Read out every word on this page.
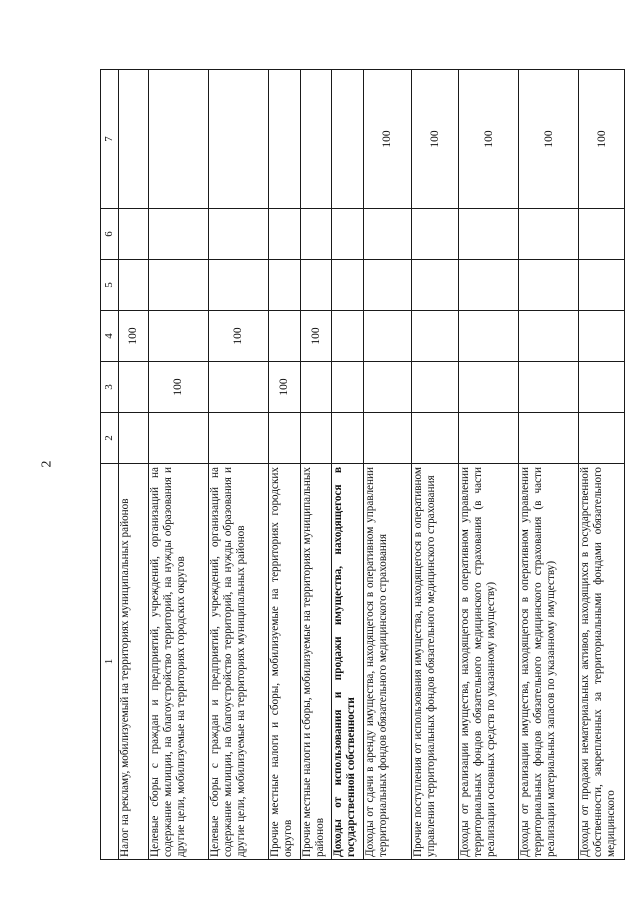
2
1	2	3	4	5	6	7
Налог на рекламу, мобилизуемый на территориях муниципальных районов			100			
Целевые сборы с граждан и предприятий, учреждений, организаций на содержание милиции, на благоустройство территорий, на нужды образования и другие цели, мобилизуемые на территориях городских округов		100				
Целевые сборы с граждан и предприятий, учреждений, организаций на содержание милиции, на благоустройство территорий, на нужды образования и другие цели, мобилизуемые на территориях муниципальных районов			100			
Прочие местные налоги и сборы, мобилизуемые на территориях городских округов		100				
Прочие местные налоги и сборы, мобилизуемые на территориях муниципальных районов			100			
Доходы от использования и продажи имущества, находящегося в государственной собственности						
Доходы от сдачи в аренду имущества, находящегося в оперативном управлении территориальных фондов обязательного медицинского страхования						100
Прочие поступления от использования имущества, находящегося в оперативном управлении территориальных фондов обязательного медицинского страхования						100
Доходы от реализации имущества, находящегося в оперативном управлении территориальных фондов обязательного медицинского страхования (в части реализации основных средств по указанному имуществу)						100
Доходы от реализации имущества, находящегося в оперативном управлении территориальных фондов обязательного медицинского страхования (в части реализации материальных запасов по указанному имуществу)						100
Доходы от продажи нематериальных активов, находящихся в государственной собственности, закрепленных за территориальными фондами обязательного медицинского						100
